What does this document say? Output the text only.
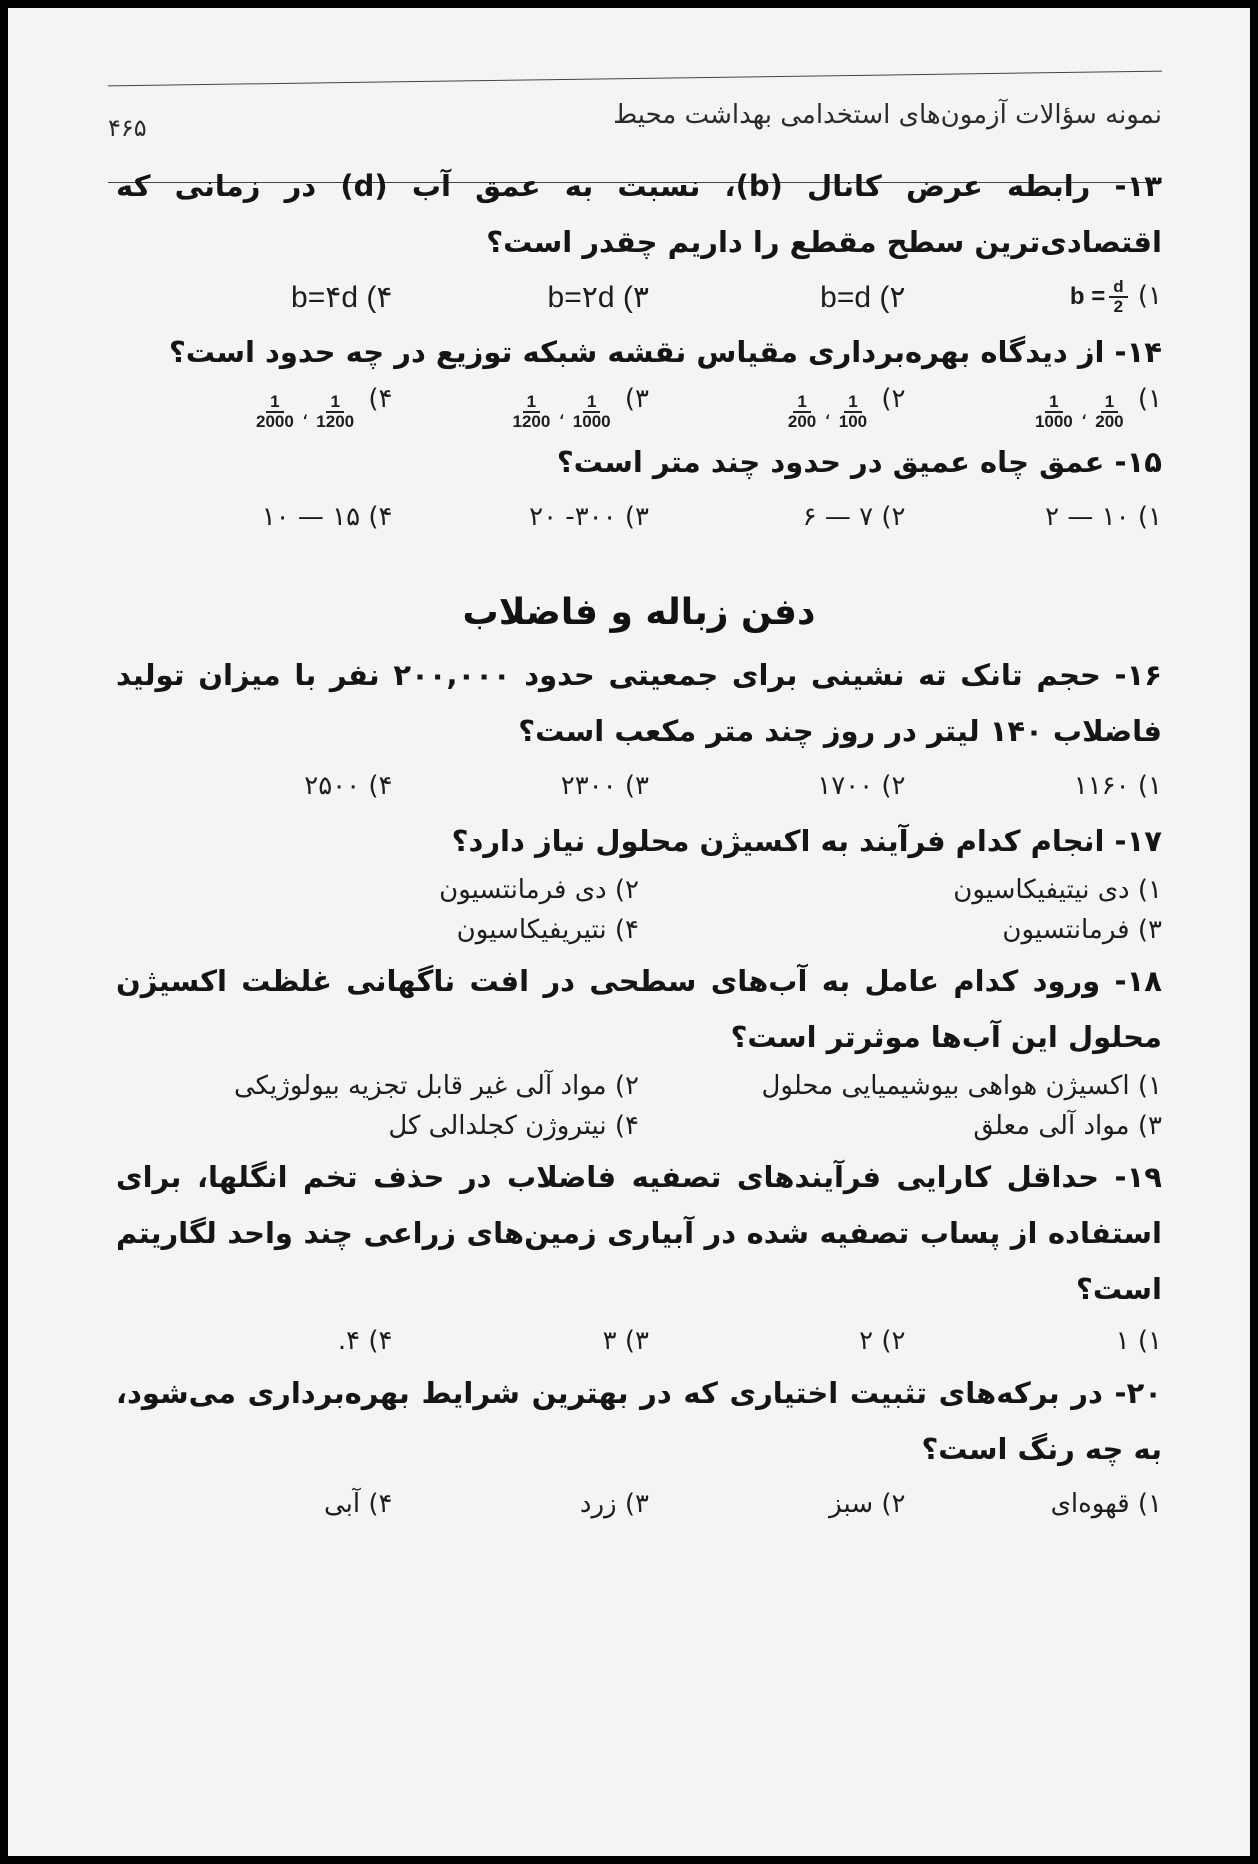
نمونه سؤالات آزمون‌های استخدامی بهداشت محیط
۴۶۵
۱۳- رابطه عرض کانال (b)، نسبت به عمق آب (d) در زمانی که اقتصادی‌ترین سطح مقطع را داریم چقدر است؟
۱)
$b = \frac{d}{2}$
b=d (۲
b=۲d (۳
b=۴d (۴
۱۴- از دیدگاه بهره‌برداری مقیاس نقشه شبکه توزیع در چه حدود است؟
۱)
$\frac{1}{1000}$ ، $\frac{1}{200}$
۲)
$\frac{1}{200}$ ، $\frac{1}{100}$
۳)
$\frac{1}{1200}$ ، $\frac{1}{1000}$
۴)
$\frac{1}{2000}$ ، $\frac{1}{1200}$
۱۵- عمق چاه عمیق در حدود چند متر است؟
۱) ۱۰ — ۲
۲) ۷ — ۶
۳) ۳۰۰- ۲۰
۴) ۱۵ — ۱۰
دفن زباله و فاضلاب
۱۶- حجم تانک ته نشینی برای جمعیتی حدود ۲۰۰,۰۰۰ نفر با میزان تولید فاضلاب ۱۴۰ لیتر در روز چند متر مکعب است؟
۱) ۱۱۶۰
۲) ۱۷۰۰
۳) ۲۳۰۰
۴) ۲۵۰۰
۱۷- انجام کدام فرآیند به اکسیژن محلول نیاز دارد؟
۱) دی نیتیفیکاسیون
۲) دی فرمانتسیون
۳) فرمانتسیون
۴) نتیریفیکاسیون
۱۸- ورود کدام عامل به آب‌های سطحی در افت ناگهانی غلظت اکسیژن محلول این آب‌ها موثرتر است؟
۱) اکسیژن هواهی بیوشیمیایی محلول
۲) مواد آلی غیر قابل تجزیه بیولوژیکی
۳) مواد آلی معلق
۴) نیتروژن کجلدالی کل
۱۹- حداقل کارایی فرآیندهای تصفیه فاضلاب در حذف تخم انگلها، برای استفاده از پساب تصفیه شده در آبیاری زمین‌های زراعی چند واحد لگاریتم است؟
۱) ۱
۲) ۲
۳) ۳
۴) ۴.
۲۰- در برکه‌های تثبیت اختیاری که در بهترین شرایط بهره‌برداری می‌شود، به چه رنگ است؟
۱) قهوه‌ای
۲) سبز
۳) زرد
۴) آبی
